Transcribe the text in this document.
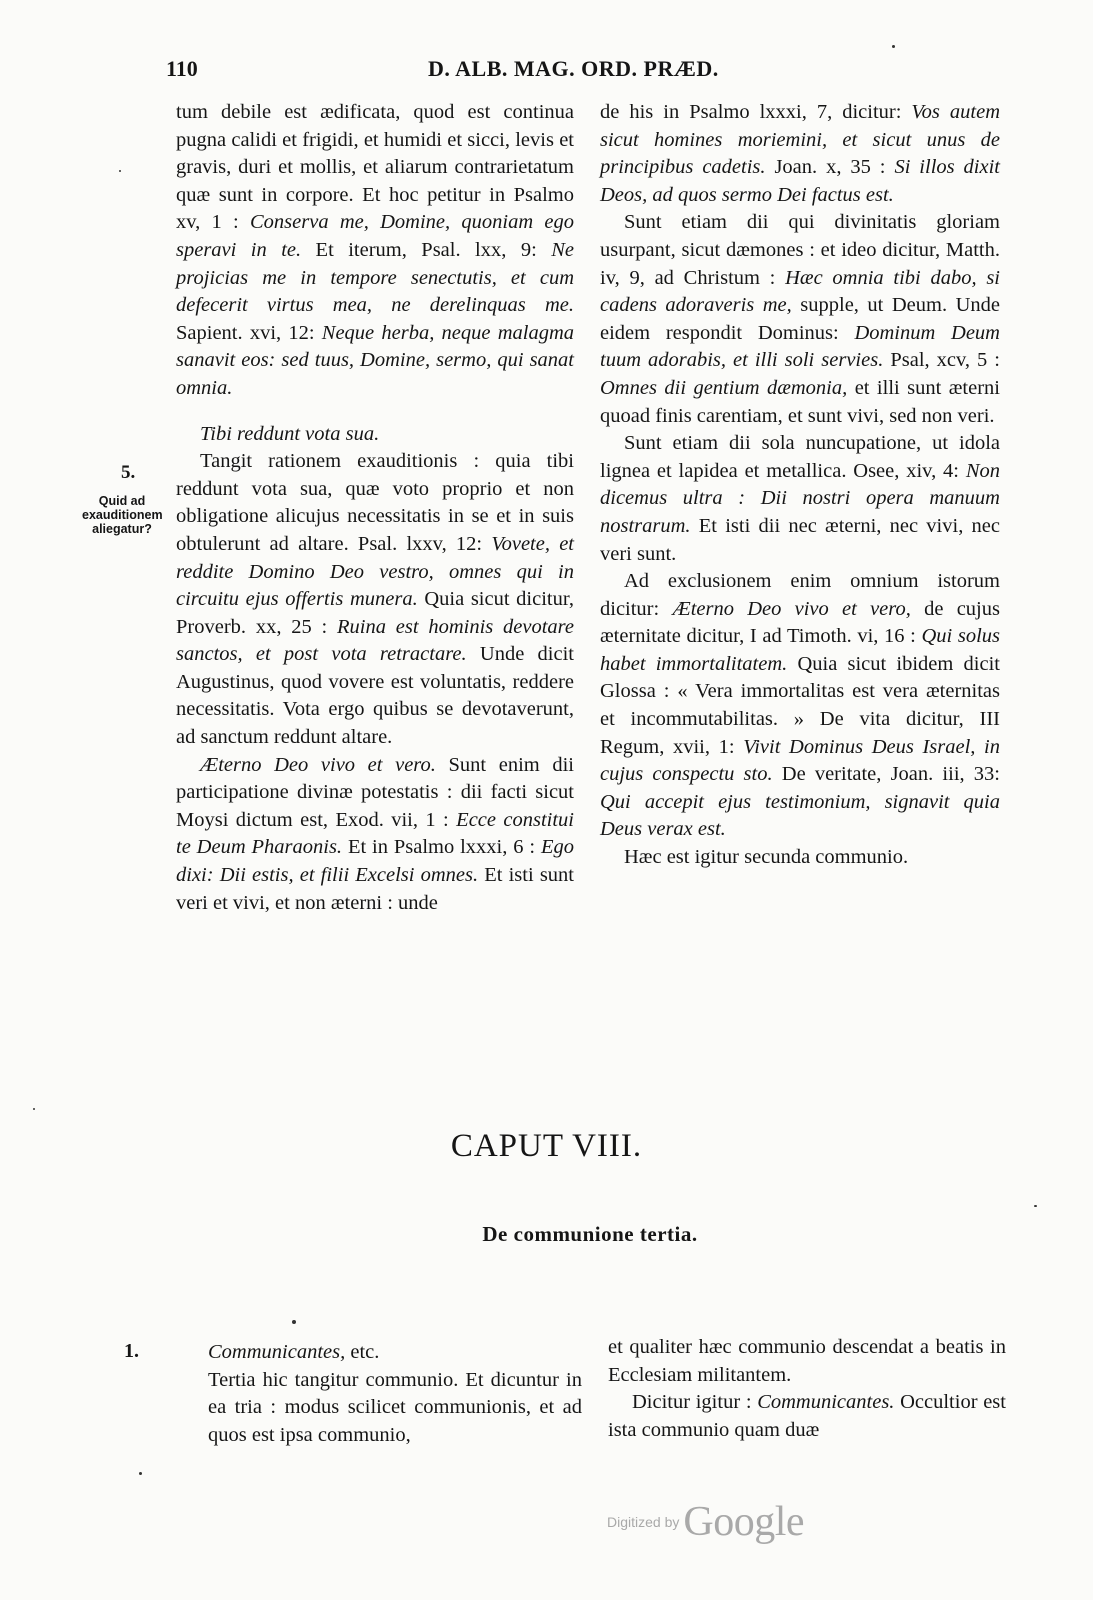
110	D. ALB. MAG. ORD. PRÆD.

tum debile est ædificata, quod est continua pugna calidi et frigidi, et humidi et sicci, levis et gravis, duri et mollis, et aliarum contrarietatum quæ sunt in corpore. Et hoc petitur in Psalmo xv, 1 : Conserva me, Domine, quoniam ego speravi in te. Et iterum, Psal. lxx, 9: Ne projicias me in tempore senectutis, et cum defecerit virtus mea, ne derelinquas me. Sapient. xvi, 12: Neque herba, neque malagma sanavit eos: sed tuus, Domine, sermo, qui sanat omnia.

Tibi reddunt vota sua.

Tangit rationem exauditionis : quia tibi reddunt vota sua, quæ voto proprio et non obligatione alicujus necessitatis in se et in suis obtulerunt ad altare. Psal. lxxv, 12: Vovete, et reddite Domino Deo vestro, omnes qui in circuitu ejus offertis munera. Quia sicut dicitur, Proverb. xx, 25 : Ruina est hominis devotare sanctos, et post vota retractare. Unde dicit Augustinus, quod vovere est voluntatis, reddere necessitatis. Vota ergo quibus se devotaverunt, ad sanctum reddunt altare.

Æterno Deo vivo et vero. Sunt enim dii participatione divinæ potestatis : dii facti sicut Moysi dictum est, Exod. vii, 1 : Ecce constitui te Deum Pharaonis. Et in Psalmo lxxxi, 6 : Ego dixi: Dii estis, et filii Excelsi omnes. Et isti sunt veri et vivi, et non æterni : unde

de his in Psalmo lxxxi, 7, dicitur: Vos autem sicut homines moriemini, et sicut unus de principibus cadetis. Joan. x, 35 : Si illos dixit Deos, ad quos sermo Dei factus est.

Sunt etiam dii qui divinitatis gloriam usurpant, sicut dæmones : et ideo dicitur, Matth. iv, 9, ad Christum : Hæc omnia tibi dabo, si cadens adoraveris me, supple, ut Deum. Unde eidem respondit Dominus: Dominum Deum tuum adorabis, et illi soli servies. Psal, xcv, 5 : Omnes dii gentium dæmonia, et illi sunt æterni quoad finis carentiam, et sunt vivi, sed non veri.

Sunt etiam dii sola nuncupatione, ut idola lignea et lapidea et metallica. Osee, xiv, 4: Non dicemus ultra : Dii nostri opera manuum nostrarum. Et isti dii nec æterni, nec vivi, nec veri sunt.

Ad exclusionem enim omnium istorum dicitur: Æterno Deo vivo et vero, de cujus æternitate dicitur, I ad Timoth. vi, 16 : Qui solus habet immortalitatem. Quia sicut ibidem dicit Glossa : « Vera immortalitas est vera æternitas et incommutabilitas. » De vita dicitur, III Regum, xvii, 1: Vivit Dominus Deus Israel, in cujus conspectu sto. De veritate, Joan. iii, 33: Qui accepit ejus testimonium, signavit quia Deus verax est.

Hæc est igitur secunda communio.

5.
Quid ad exauditionem aliegatur?
CAPUT VIII.
De communione tertia.
1.	Communicantes, etc.

Tertia hic tangitur communio. Et dicuntur in ea tria : modus scilicet communionis, et ad quos est ipsa communio,

et qualiter hæc communio descendat a beatis in Ecclesiam militantem.

Dicitur igitur : Communicantes. Occultior est ista communio quam duæ

Digitized by Google
